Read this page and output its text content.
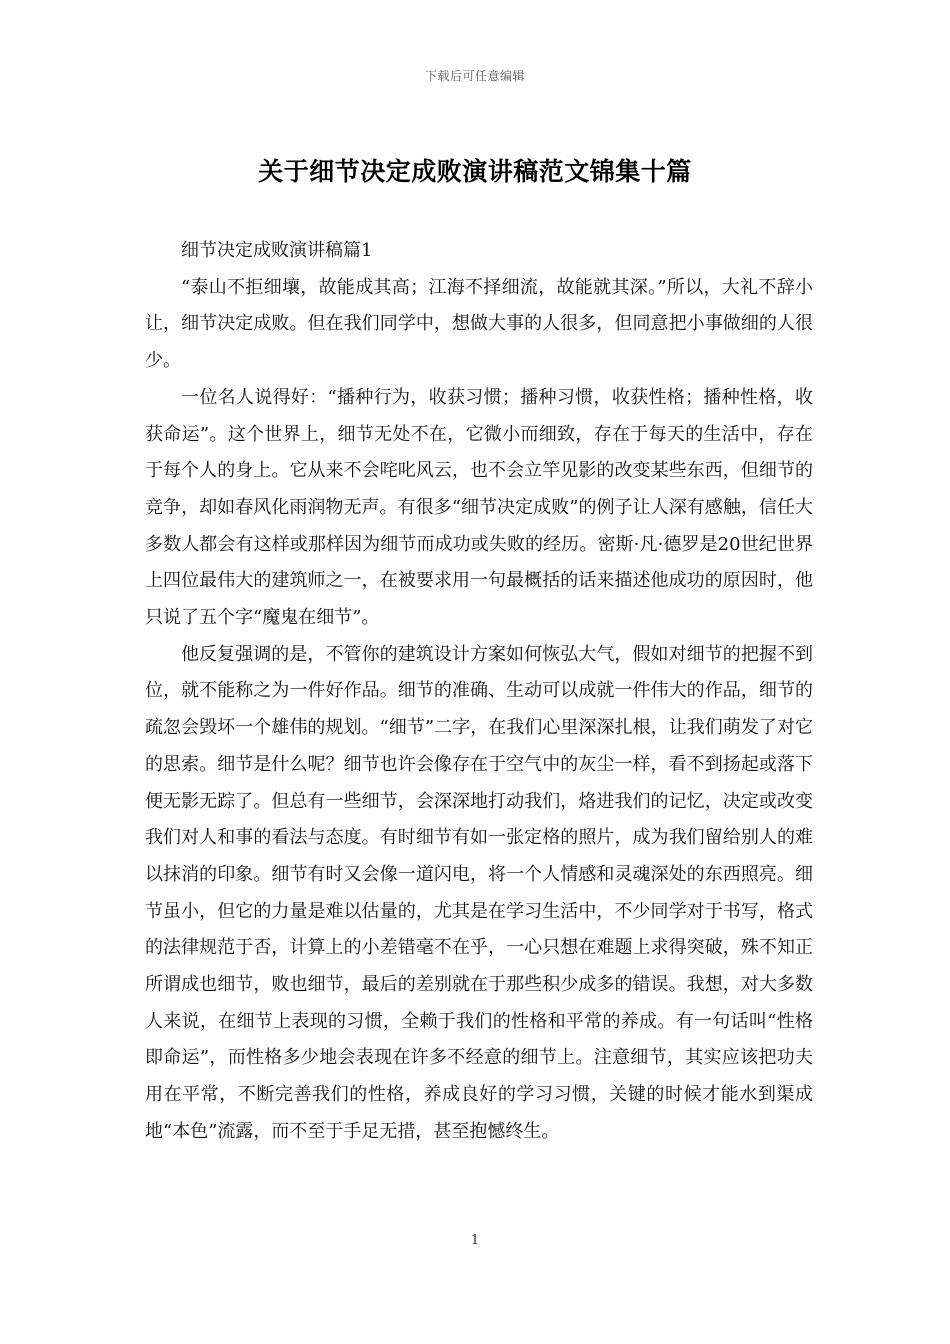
下载后可任意编辑
关于细节决定成败演讲稿范文锦集十篇

细节决定成败演讲稿篇1

“泰山不拒细壤，故能成其高；江海不择细流，故能就其深。”所以，大礼不辞小让，细节决定成败。但在我们同学中，想做大事的人很多，但同意把小事做细的人很少。

一位名人说得好：“播种行为，收获习惯；播种习惯，收获性格；播种性格，收获命运”。这个世界上，细节无处不在，它微小而细致，存在于每天的生活中，存在于每个人的身上。它从来不会咤叱风云，也不会立竿见影的改变某些东西，但细节的竞争，却如春风化雨润物无声。有很多“细节决定成败”的例子让人深有感触，信任大多数人都会有这样或那样因为细节而成功或失败的经历。密斯·凡·德罗是20世纪世界上四位最伟大的建筑师之一，在被要求用一句最概括的话来描述他成功的原因时，他只说了五个字“魔鬼在细节”。

他反复强调的是，不管你的建筑设计方案如何恢弘大气，假如对细节的把握不到位，就不能称之为一件好作品。细节的准确、生动可以成就一件伟大的作品，细节的疏忽会毁坏一个雄伟的规划。“细节”二字，在我们心里深深扎根，让我们萌发了对它的思索。细节是什么呢？细节也许会像存在于空气中的灰尘一样，看不到扬起或落下便无影无踪了。但总有一些细节，会深深地打动我们，烙进我们的记忆，决定或改变我们对人和事的看法与态度。有时细节有如一张定格的照片，成为我们留给别人的难以抹消的印象。细节有时又会像一道闪电，将一个人情感和灵魂深处的东西照亮。细节虽小，但它的力量是难以估量的，尤其是在学习生活中，不少同学对于书写，格式的法律规范于否，计算上的小差错毫不在乎，一心只想在难题上求得突破，殊不知正所谓成也细节，败也细节，最后的差别就在于那些积少成多的错误。我想，对大多数人来说，在细节上表现的习惯，全赖于我们的性格和平常的养成。有一句话叫“性格即命运”，而性格多少地会表现在许多不经意的细节上。注意细节，其实应该把功夫用在平常，不断完善我们的性格，养成良好的学习习惯，关键的时候才能水到渠成地“本色”流露，而不至于手足无措，甚至抱憾终生。

1
